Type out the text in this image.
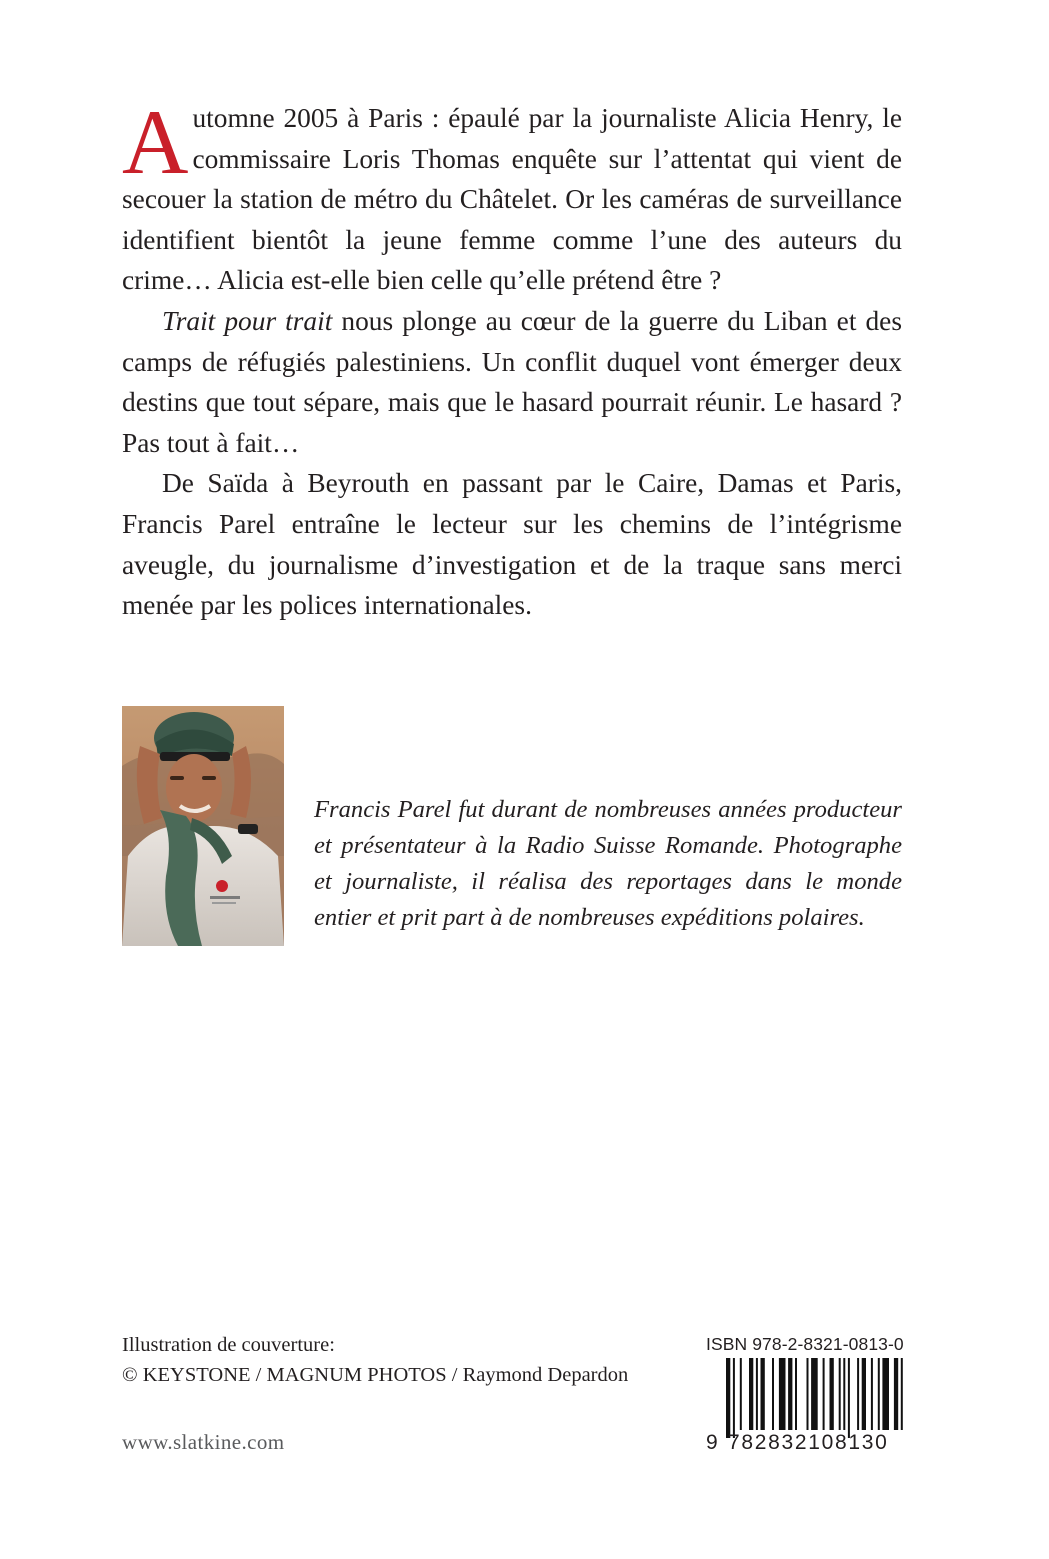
Automne 2005 à Paris : épaulé par la journaliste Alicia Henry, le commissaire Loris Thomas enquête sur l’attentat qui vient de secouer la station de métro du Châtelet. Or les caméras de surveillance identifient bientôt la jeune femme comme l’une des auteurs du crime… Alicia est-elle bien celle qu’elle prétend être ?

Trait pour trait nous plonge au cœur de la guerre du Liban et des camps de réfugiés palestiniens. Un conflit duquel vont émerger deux destins que tout sépare, mais que le hasard pourrait réunir. Le hasard ? Pas tout à fait…

De Saïda à Beyrouth en passant par le Caire, Damas et Paris, Francis Parel entraîne le lecteur sur les chemins de l’intégrisme aveugle, du journalisme d’investigation et de la traque sans merci menée par les polices internationales.

Francis Parel fut durant de nombreuses années producteur et présentateur à la Radio Suisse Romande. Photographe et journaliste, il réalisa des reportages dans le monde entier et prit part à de nombreuses expéditions polaires.

Illustration de couverture:
© KEYSTONE / MAGNUM PHOTOS / Raymond Depardon
www.slatkine.com
ISBN 978-2-8321-0813-0
9 782832108130
